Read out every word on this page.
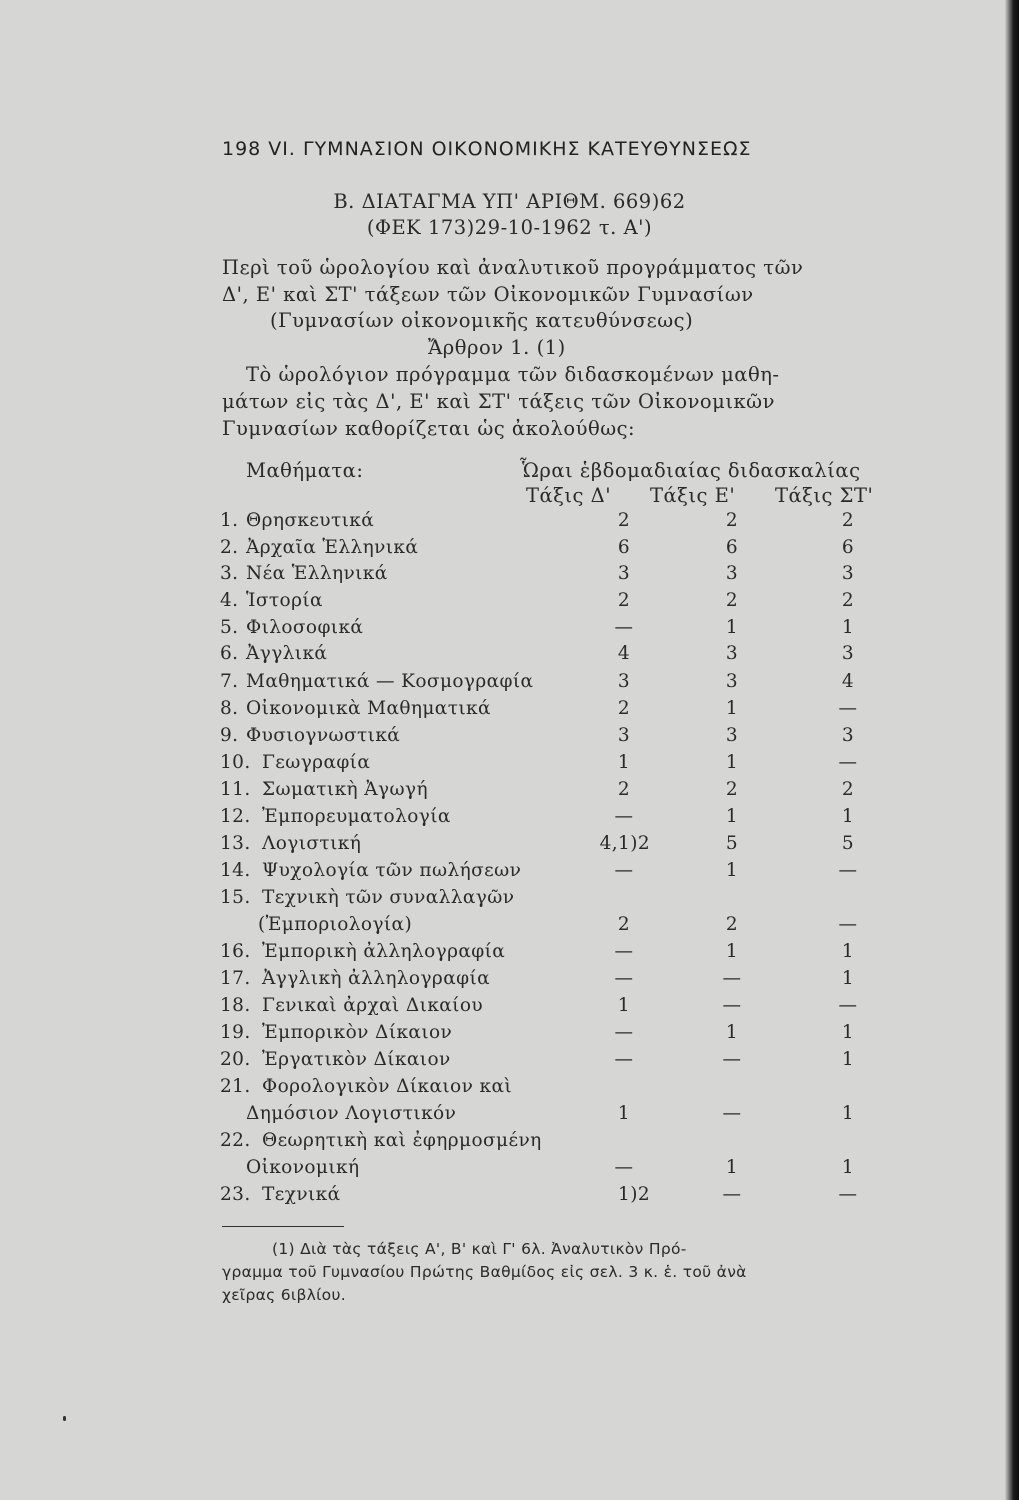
198 VI. ΓΥΜΝΑΣΙΟΝ ΟΙΚΟΝΟΜΙΚΗΣ ΚΑΤΕΥΘΥΝΣΕΩΣ
Β. ΔΙΑΤΑΓΜΑ ΥΠ' ΑΡΙΘΜ. 669)62
(ΦΕΚ 173)29-10-1962 τ. Α')
Περὶ τοῦ ὡρολογίου καὶ ἀναλυτικοῦ προγράμματος τῶν
Δ', Ε' καὶ ΣΤ' τάξεων τῶν Οἰκονομικῶν Γυμνασίων
(Γυμνασίων οἰκονομικῆς κατευθύνσεως)
Ἄρθρον 1. (1)
Τὸ ὡρολόγιον πρόγραμμα τῶν διδασκομένων μαθη-
μάτων εἰς τὰς Δ', Ε' καὶ ΣΤ' τάξεις τῶν Οἰκονομικῶν
Γυμνασίων καθορίζεται ὡς ἀκολούθως:
Μαθήματα:	Ὧραι ἑβδομαδιαίας διδασκαλίας
Τάξις Δ' Τάξις Ε' Τάξις ΣΤ'
1. Θρησκευτικά	2	2	2
2. Ἀρχαῖα Ἑλληνικά	6	6	6
3. Νέα Ἑλληνικά	3	3	3
4. Ἱστορία	2	2	2
5. Φιλοσοφικά	—	1	1
6. Ἀγγλικά	4	3	3
7. Μαθηματικά — Κοσμογραφία	3	3	4
8. Οἰκονομικὰ Μαθηματικά	2	1	—
9. Φυσιογνωστικά	3	3	3
10. Γεωγραφία	1	1	—
11. Σωματικὴ Ἀγωγή	2	2	2
12. Ἐμπορευματολογία	—	1	1
13. Λογιστική	4,1)2	5	5
14. Ψυχολογία τῶν πωλήσεων	—	1	—
15. Τεχνικὴ τῶν συναλλαγῶν
(Ἐμποριολογία)	2	2	—
16. Ἐμπορικὴ ἀλληλογραφία	—	1	1
17. Ἀγγλικὴ ἀλληλογραφία	—	—	1
18. Γενικαὶ ἀρχαὶ Δικαίου	1	—	—
19. Ἐμπορικὸν Δίκαιον	—	1	1
20. Ἐργατικὸν Δίκαιον	—	—	1
21. Φορολογικὸν Δίκαιον καὶ
Δημόσιον Λογιστικόν	1	—	1
22. Θεωρητικὴ καὶ ἐφηρμοσμένη
Οἰκονομική	—	1	1
23. Τεχνικά	1)2	—	—
(1) Διὰ τὰς τάξεις Α', Β' καὶ Γ' 6λ. Ἀναλυτικὸν Πρό-
γραμμα τοῦ Γυμνασίου Πρώτης Βαθμίδος εἰς σελ. 3 κ. ἑ. τοῦ ἀνὰ
χεῖρας 6ιβλίου.
